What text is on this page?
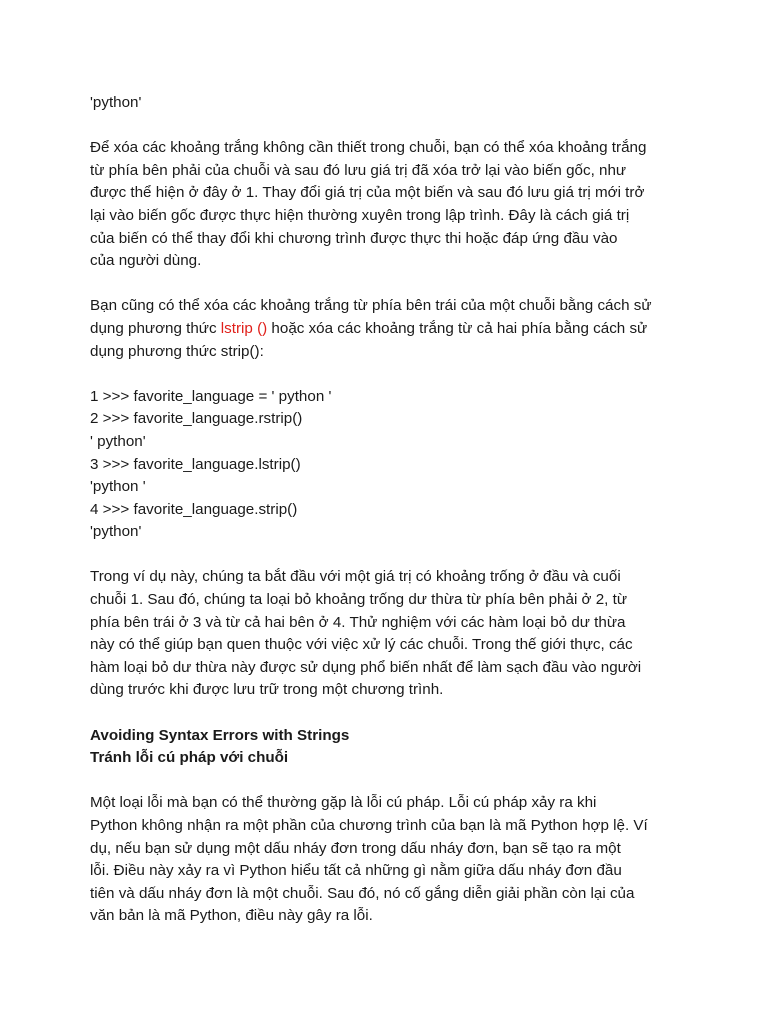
'python'
Để xóa các khoảng trắng không cần thiết trong chuỗi, bạn có thể xóa khoảng trắng
từ phía bên phải của chuỗi và sau đó lưu giá trị đã xóa trở lại vào biến gốc, như
được thể hiện ở đây ở 1. Thay đổi giá trị của một biến và sau đó lưu giá trị mới trở
lại vào biến gốc được thực hiện thường xuyên trong lập trình. Đây là cách giá trị
của biến có thể thay đổi khi chương trình được thực thi hoặc đáp ứng đầu vào
của người dùng.
Bạn cũng có thể xóa các khoảng trắng từ phía bên trái của một chuỗi bằng cách sử
dụng phương thức lstrip () hoặc xóa các khoảng trắng từ cả hai phía bằng cách sử
dụng phương thức strip():
1 >>> favorite_language = ' python '
2 >>> favorite_language.rstrip()
' python'
3 >>> favorite_language.lstrip()
'python '
4 >>> favorite_language.strip()
'python'
Trong ví dụ này, chúng ta bắt đầu với một giá trị có khoảng trống ở đầu và cuối
chuỗi 1. Sau đó, chúng ta loại bỏ khoảng trống dư thừa từ phía bên phải ở 2, từ
phía bên trái ở 3 và từ cả hai bên ở 4. Thử nghiệm với các hàm loại bỏ dư thừa
này có thể giúp bạn quen thuộc với việc xử lý các chuỗi. Trong thế giới thực, các
hàm loại bỏ dư thừa này được sử dụng phổ biến nhất để làm sạch đầu vào người
dùng trước khi được lưu trữ trong một chương trình.
Avoiding Syntax Errors with Strings
Tránh lỗi cú pháp với chuỗi
Một loại lỗi mà bạn có thể thường gặp là lỗi cú pháp. Lỗi cú pháp xảy ra khi
Python không nhận ra một phần của chương trình của bạn là mã Python hợp lệ. Ví
dụ, nếu bạn sử dụng một dấu nháy đơn trong dấu nháy đơn, bạn sẽ tạo ra một
lỗi. Điều này xảy ra vì Python hiểu tất cả những gì nằm giữa dấu nháy đơn đầu
tiên và dấu nháy đơn là một chuỗi. Sau đó, nó cố gắng diễn giải phần còn lại của
văn bản là mã Python, điều này gây ra lỗi.
